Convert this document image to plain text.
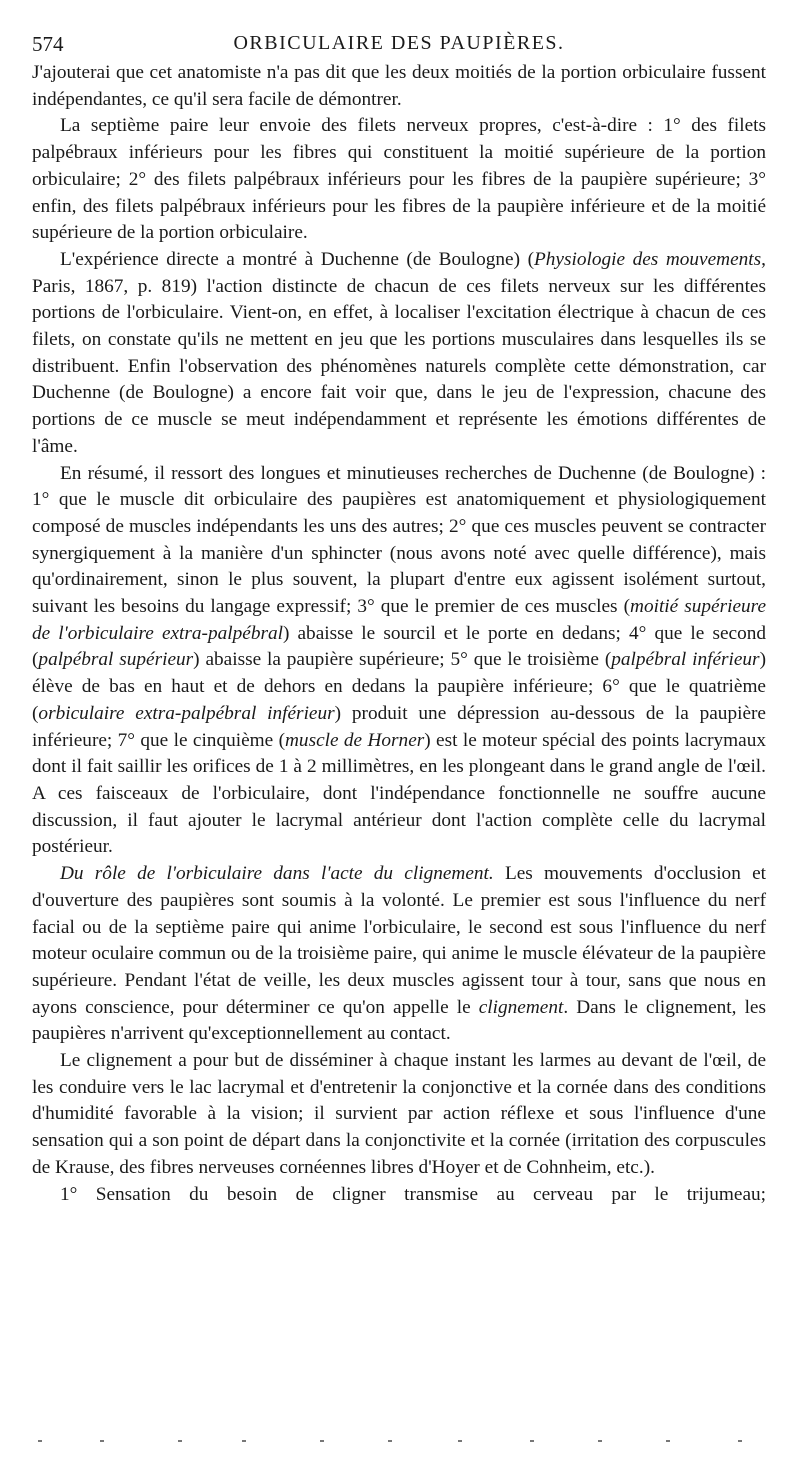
574	ORBICULAIRE DES PAUPIÈRES.

J'ajouterai que cet anatomiste n'a pas dit que les deux moitiés de la portion orbiculaire fussent indépendantes, ce qu'il sera facile de démontrer.

La septième paire leur envoie des filets nerveux propres, c'est-à-dire : 1° des filets palpébraux inférieurs pour les fibres qui constituent la moitié supérieure de la portion orbiculaire; 2° des filets palpébraux inférieurs pour les fibres de la paupière supérieure; 3° enfin, des filets palpébraux inférieurs pour les fibres de la paupière inférieure et de la moitié supérieure de la portion orbiculaire.

L'expérience directe a montré à Duchenne (de Boulogne) (Physiologie des mouvements, Paris, 1867, p. 819) l'action distincte de chacun de ces filets nerveux sur les différentes portions de l'orbiculaire. Vient-on, en effet, à localiser l'excitation électrique à chacun de ces filets, on constate qu'ils ne mettent en jeu que les portions musculaires dans lesquelles ils se distribuent. Enfin l'observation des phénomènes naturels complète cette démonstration, car Duchenne (de Boulogne) a encore fait voir que, dans le jeu de l'expression, chacune des portions de ce muscle se meut indépendamment et représente les émotions différentes de l'âme.

En résumé, il ressort des longues et minutieuses recherches de Duchenne (de Boulogne) : 1° que le muscle dit orbiculaire des paupières est anatomiquement et physiologiquement composé de muscles indépendants les uns des autres; 2° que ces muscles peuvent se contracter synergiquement à la manière d'un sphincter (nous avons noté avec quelle différence), mais qu'ordinairement, sinon le plus souvent, la plupart d'entre eux agissent isolément surtout, suivant les besoins du langage expressif; 3° que le premier de ces muscles (moitié supérieure de l'orbiculaire extra-palpébral) abaisse le sourcil et le porte en dedans; 4° que le second (palpébral supérieur) abaisse la paupière supérieure; 5° que le troisième (palpébral inférieur) élève de bas en haut et de dehors en dedans la paupière inférieure; 6° que le quatrième (orbiculaire extra-palpébral inférieur) produit une dépression au-dessous de la paupière inférieure; 7° que le cinquième (muscle de Horner) est le moteur spécial des points lacrymaux dont il fait saillir les orifices de 1 à 2 millimètres, en les plongeant dans le grand angle de l'œil. A ces faisceaux de l'orbiculaire, dont l'indépendance fonctionnelle ne souffre aucune discussion, il faut ajouter le lacrymal antérieur dont l'action complète celle du lacrymal postérieur.

Du rôle de l'orbiculaire dans l'acte du clignement. Les mouvements d'occlusion et d'ouverture des paupières sont soumis à la volonté. Le premier est sous l'influence du nerf facial ou de la septième paire qui anime l'orbiculaire, le second est sous l'influence du nerf moteur oculaire commun ou de la troisième paire, qui anime le muscle élévateur de la paupière supérieure. Pendant l'état de veille, les deux muscles agissent tour à tour, sans que nous en ayons conscience, pour déterminer ce qu'on appelle le clignement. Dans le clignement, les paupières n'arrivent qu'exceptionnellement au contact.

Le clignement a pour but de disséminer à chaque instant les larmes au devant de l'œil, de les conduire vers le lac lacrymal et d'entretenir la conjonctive et la cornée dans des conditions d'humidité favorable à la vision; il survient par action réflexe et sous l'influence d'une sensation qui a son point de départ dans la conjonctivite et la cornée (irritation des corpuscules de Krause, des fibres nerveuses cornéennes libres d'Hoyer et de Cohnheim, etc.).

1° Sensation du besoin de cligner transmise au cerveau par le trijumeau;
